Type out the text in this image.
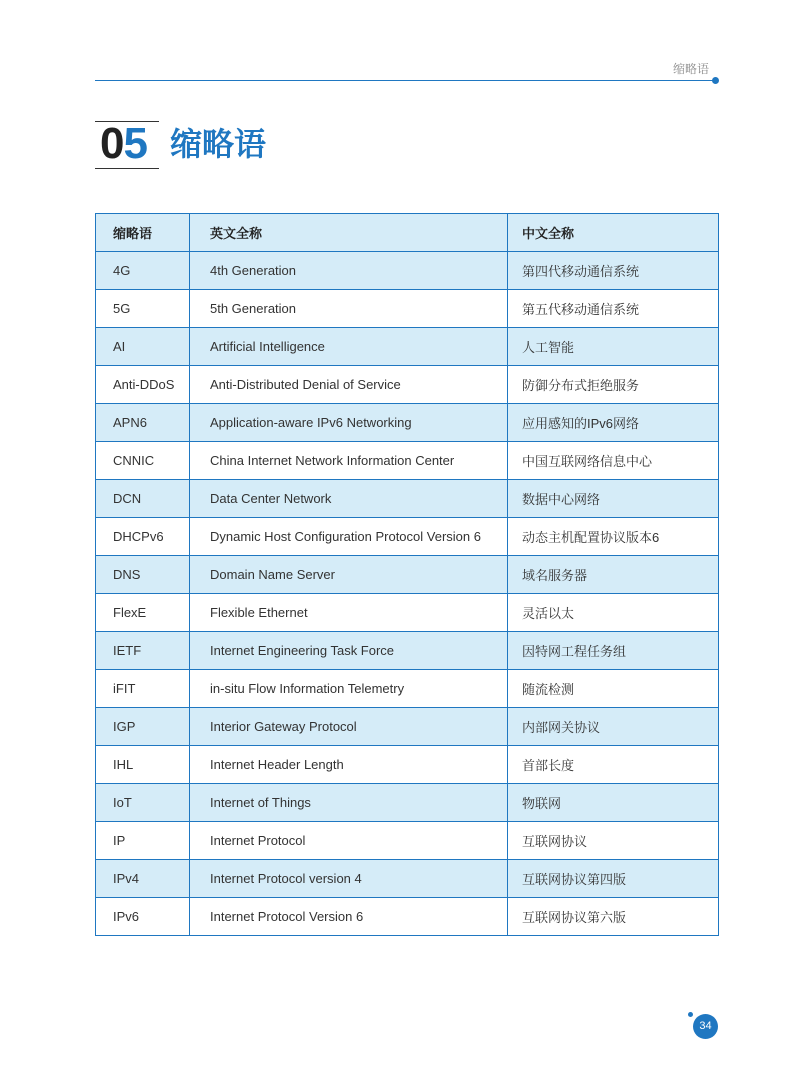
缩略语
05 缩略语
缩略语	英文全称	中文全称
4G	4th Generation	第四代移动通信系统
5G	5th Generation	第五代移动通信系统
AI	Artificial Intelligence	人工智能
Anti-DDoS	Anti-Distributed Denial of Service	防御分布式拒绝服务
APN6	Application-aware IPv6 Networking	应用感知的IPv6网络
CNNIC	China Internet Network Information Center	中国互联网络信息中心
DCN	Data Center Network	数据中心网络
DHCPv6	Dynamic Host Configuration Protocol Version 6	动态主机配置协议版本6
DNS	Domain Name Server	域名服务器
FlexE	Flexible Ethernet	灵活以太
IETF	Internet Engineering Task Force	因特网工程任务组
iFIT	in-situ Flow Information Telemetry	随流检测
IGP	Interior Gateway Protocol	内部网关协议
IHL	Internet Header Length	首部长度
IoT	Internet of Things	物联网
IP	Internet Protocol	互联网协议
IPv4	Internet Protocol version 4	互联网协议第四版
IPv6	Internet Protocol Version 6	互联网协议第六版
34
